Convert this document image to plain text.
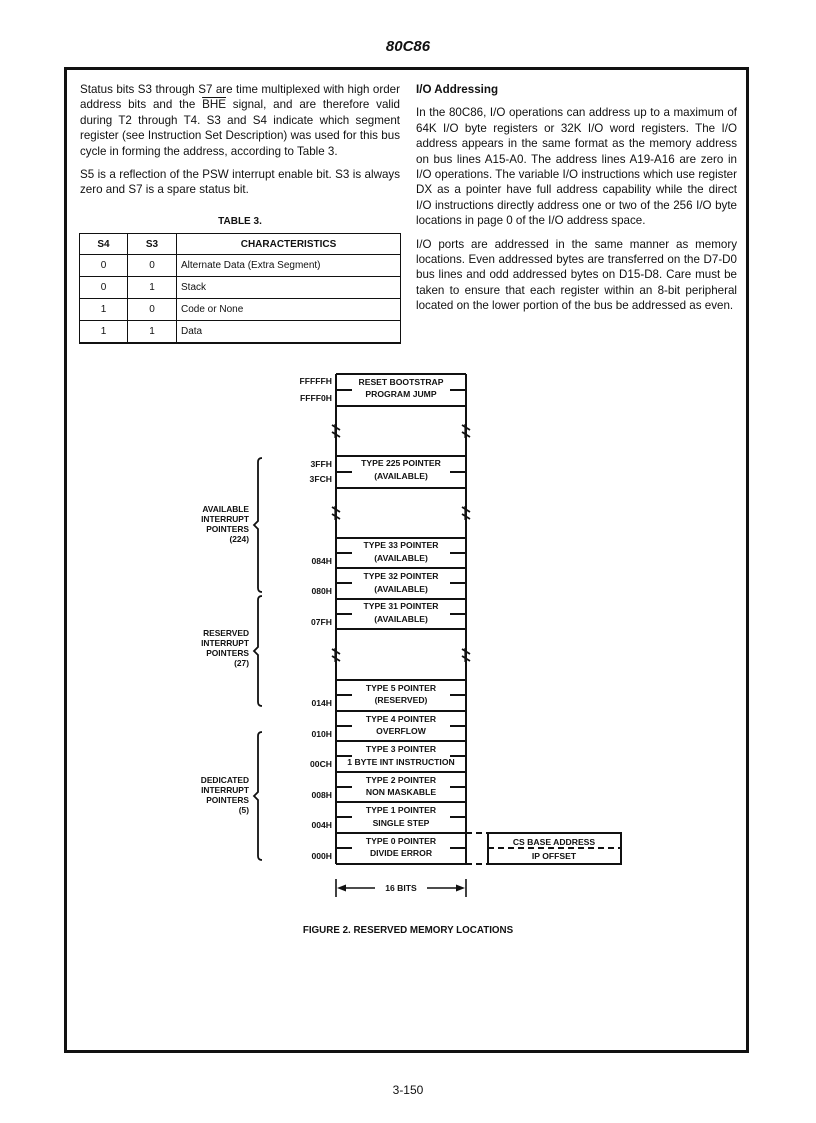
80C86

Status bits S3 through S7 are time multiplexed with high order address bits and the $\overline{BHE}$ signal, and are therefore valid during T2 through T4. S3 and S4 indicate which segment register (see Instruction Set Description) was used for this bus cycle in forming the address, according to Table 3.

S5 is a reflection of the PSW interrupt enable bit. S3 is always zero and S7 is a spare status bit.

TABLE 3.
S4	S3	CHARACTERISTICS
0	0	Alternate Data (Extra Segment)
0	1	Stack
1	0	Code or None
1	1	Data
I/O Addressing

In the 80C86, I/O operations can address up to a maximum of 64K I/O byte registers or 32K I/O word registers. The I/O address appears in the same format as the memory address on bus lines A15-A0. The address lines A19-A16 are zero in I/O operations. The variable I/O instructions which use register DX as a pointer have full address capability while the direct I/O instructions directly address one or two of the 256 I/O byte locations in page 0 of the I/O address space.

I/O ports are addressed in the same manner as memory locations. Even addressed bytes are transferred on the D7-D0 bus lines and odd addressed bytes on D15-D8. Care must be taken to ensure that each register within an 8-bit peripheral located on the lower portion of the bus be addressed as even.

RESET BOOTSTRAP
PROGRAM JUMP
TYPE 225 POINTER
(AVAILABLE)
TYPE 33 POINTER
(AVAILABLE)
TYPE 32 POINTER
(AVAILABLE)
TYPE 31 POINTER
(AVAILABLE)
TYPE 5 POINTER
(RESERVED)
TYPE 4 POINTER
OVERFLOW
TYPE 3 POINTER
1 BYTE INT INSTRUCTION
TYPE 2 POINTER
NON MASKABLE
TYPE 1 POINTER
SINGLE STEP
TYPE 0 POINTER
DIVIDE ERROR
FFFFFH
FFFF0H
3FFH
3FCH
084H
080H
07FH
014H
010H
00CH
008H
004H
000H
AVAILABLE
INTERRUPT
POINTERS
(224)
RESERVED
INTERRUPT
POINTERS
(27)
DEDICATED
INTERRUPT
POINTERS
(5)
CS BASE ADDRESS
IP OFFSET
16 BITS
FIGURE 2. RESERVED MEMORY LOCATIONS
3-150
